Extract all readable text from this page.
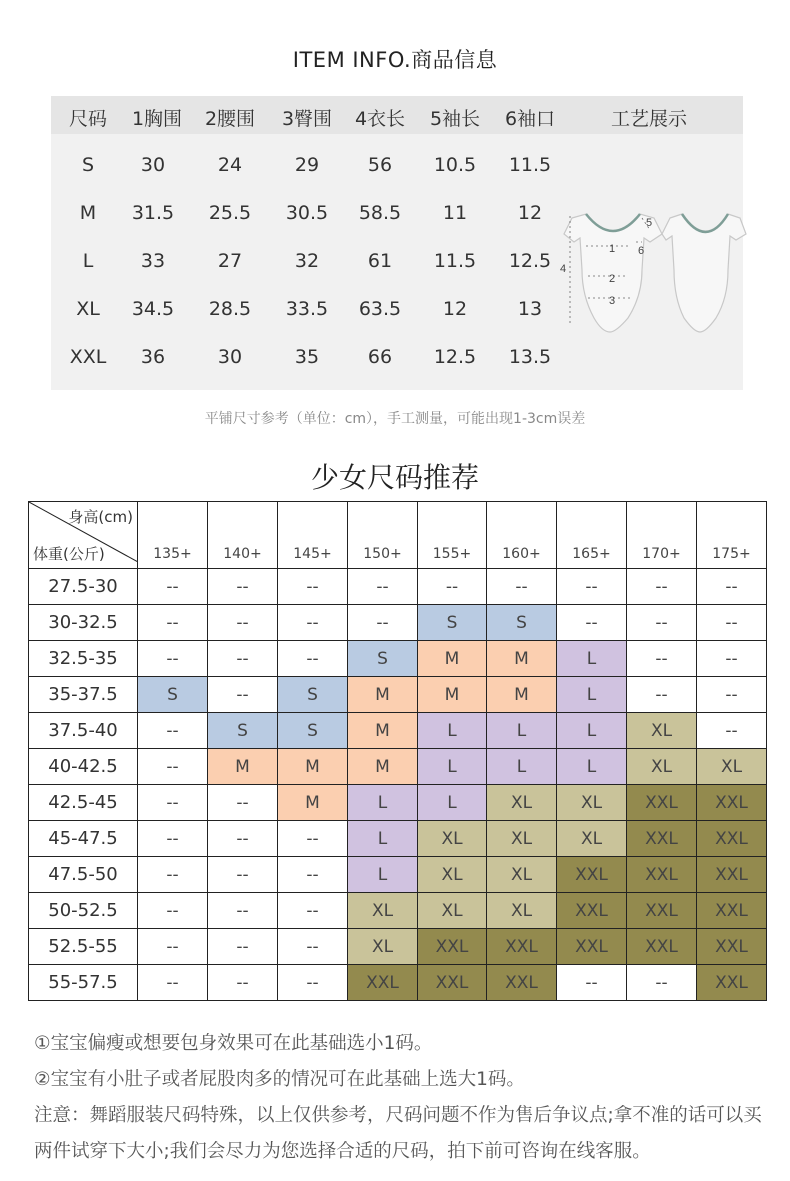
ITEM INFO.商品信息
尺码 1胸围 2腰围 3臀围 4衣长 5袖长 6袖口	工艺展示
S 30	24	29	56 10.5 11.5
M 31.5 25.5 30.5 58.5 11	12
L	33	27	32	61 11.5 12.5
XL 34.5 28.5 33.5 63.5 12	13
XXL 36	30	35	66 12.5 13.5
1
2
3
4
5
6
平铺尺寸参考（单位：cm），手工测量，可能出现1-3cm误差
少女尺码推荐
身高(cm)
体重(公斤)	135+	140+	145+	150+	155+	160+	165+	170+	175+
27.5-30	--	--	--	--	--	--	--	--	--
30-32.5	--	--	--	--	S	S	--	--	--
32.5-35	--	--	--	S	M	M	L	--	--
35-37.5	S	--	S	M	M	M	L	--	--
37.5-40	--	S	S	M	L	L	L	XL	--
40-42.5	--	M	M	M	L	L	L	XL	XL
42.5-45	--	--	M	L	L	XL	XL	XXL	XXL
45-47.5	--	--	--	L	XL	XL	XL	XXL	XXL
47.5-50	--	--	--	L	XL	XL	XXL	XXL	XXL
50-52.5	--	--	--	XL	XL	XL	XXL	XXL	XXL
52.5-55	--	--	--	XL	XXL	XXL	XXL	XXL	XXL
55-57.5	--	--	--	XXL	XXL	XXL	--	--	XXL

①宝宝偏瘦或想要包身效果可在此基础选小1码。

②宝宝有小肚子或者屁股肉多的情况可在此基础上选大1码。

注意：舞蹈服装尺码特殊，以上仅供参考，尺码问题不作为售后争议点;拿不准的话可以买两件试穿下大小;我们会尽力为您选择合适的尺码，拍下前可咨询在线客服。
